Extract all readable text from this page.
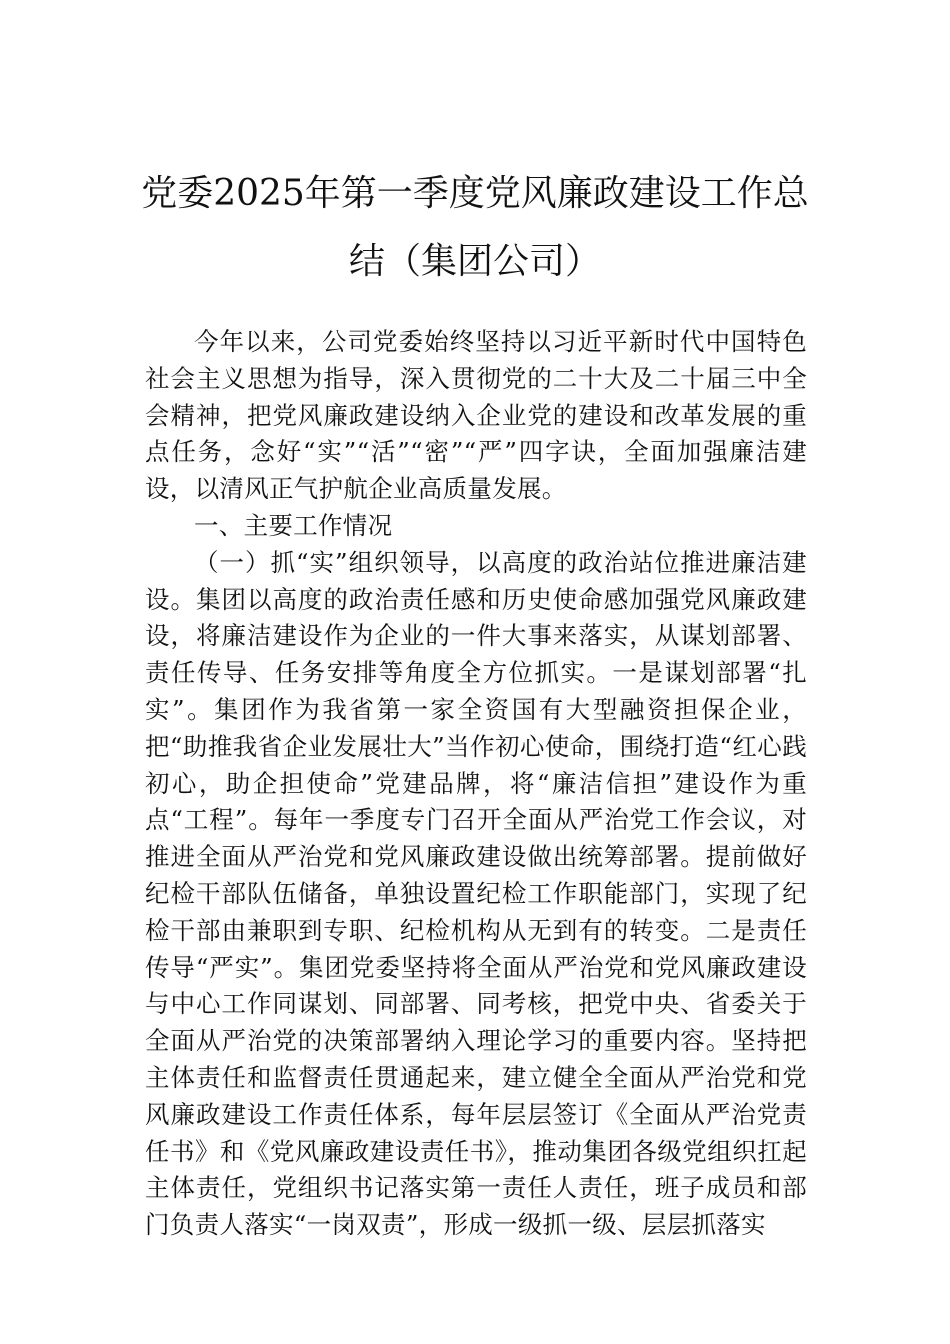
党委2025年第一季度党风廉政建设工作总结（集团公司）

今年以来，公司党委始终坚持以习近平新时代中国特色社会主义思想为指导，深入贯彻党的二十大及二十届三中全会精神，把党风廉政建设纳入企业党的建设和改革发展的重点任务，念好“实”“活”“密”“严”四字诀，全面加强廉洁建设，以清风正气护航企业高质量发展。

一、主要工作情况

（一）抓“实”组织领导，以高度的政治站位推进廉洁建设。集团以高度的政治责任感和历史使命感加强党风廉政建设，将廉洁建设作为企业的一件大事来落实，从谋划部署、责任传导、任务安排等角度全方位抓实。一是谋划部署“扎实”。集团作为我省第一家全资国有大型融资担保企业，把“助推我省企业发展壮大”当作初心使命，围绕打造“红心践初心，助企担使命”党建品牌，将“廉洁信担”建设作为重点“工程”。每年一季度专门召开全面从严治党工作会议，对推进全面从严治党和党风廉政建设做出统筹部署。提前做好纪检干部队伍储备，单独设置纪检工作职能部门，实现了纪检干部由兼职到专职、纪检机构从无到有的转变。二是责任传导“严实”。集团党委坚持将全面从严治党和党风廉政建设与中心工作同谋划、同部署、同考核，把党中央、省委关于全面从严治党的决策部署纳入理论学习的重要内容。坚持把主体责任和监督责任贯通起来，建立健全全面从严治党和党风廉政建设工作责任体系，每年层层签订《全面从严治党责任书》和《党风廉政建设责任书》，推动集团各级党组织扛起主体责任，党组织书记落实第一责任人责任，班子成员和部门负责人落实“一岗双责”，形成一级抓一级、层层抓落实
